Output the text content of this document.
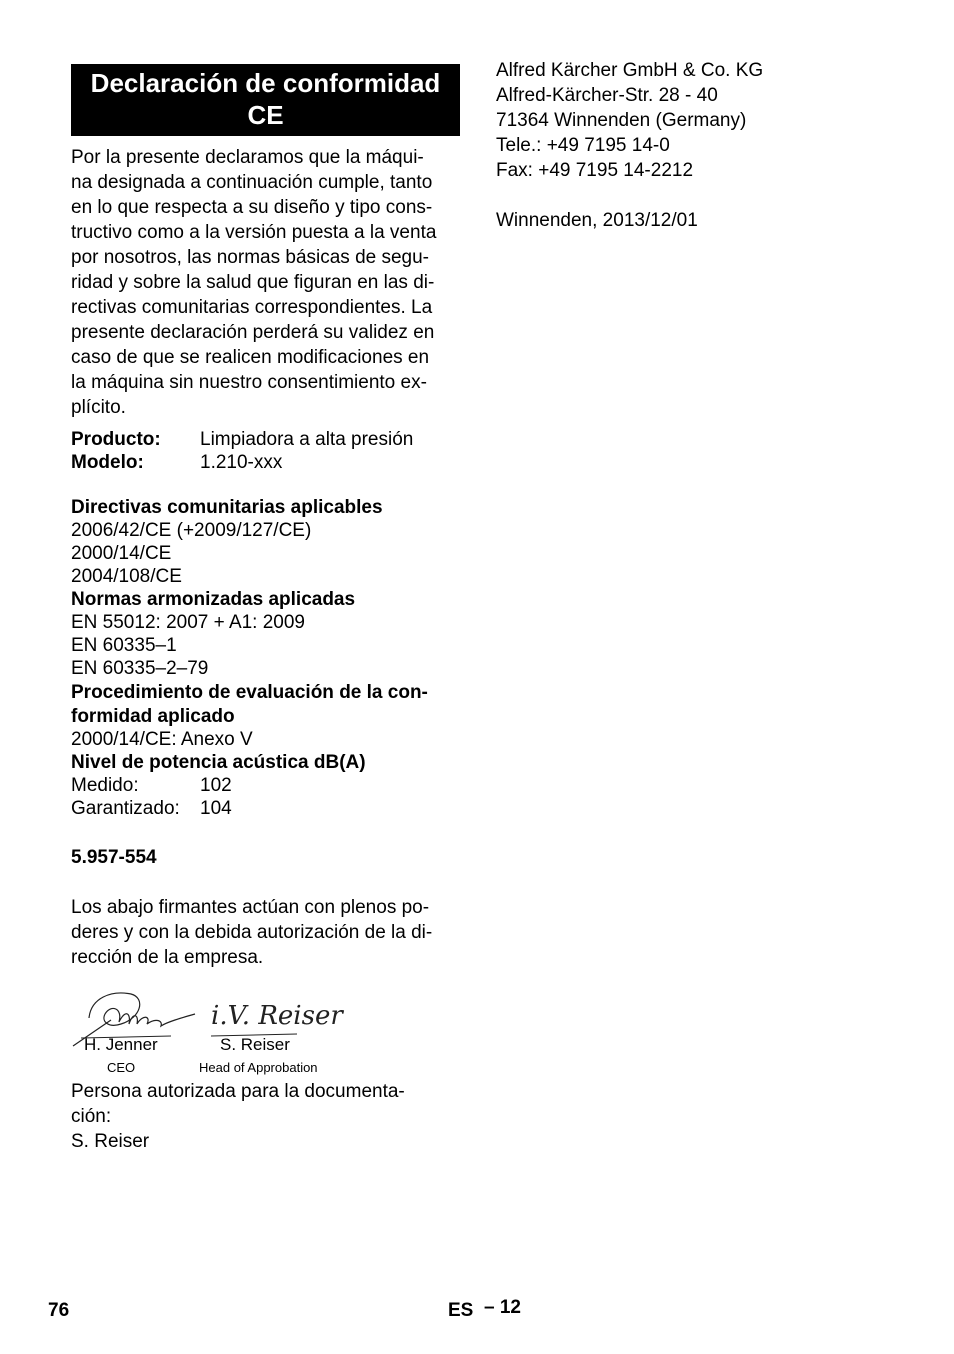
Declaración de conformidad
CE
Por la presente declaramos que la máqui-
na designada a continuación cumple, tanto
en lo que respecta a su diseño y tipo cons-
tructivo como a la versión puesta a la venta
por nosotros, las normas básicas de segu-
ridad y sobre la salud que figuran en las di-
rectivas comunitarias correspondientes. La
presente declaración perderá su validez en
caso de que se realicen modificaciones en
la máquina sin nuestro consentimiento ex-
plícito.
Producto:	Limpiadora a alta presión
Modelo:	1.210-xxx
Directivas comunitarias aplicables
2006/42/CE (+2009/127/CE)
2000/14/CE
2004/108/CE
Normas armonizadas aplicadas
EN 55012: 2007 + A1: 2009
EN 60335–1
EN 60335–2–79
Procedimiento de evaluación de la con-
formidad aplicado
2000/14/CE: Anexo V
Nivel de potencia acústica dB(A)
Medido:	102
Garantizado:	104
5.957-554
Los abajo firmantes actúan con plenos po-
deres y con la debida autorización de la di-
rección de la empresa.
i.V. Reiser
H. Jenner	S. Reiser
CEO	Head of Approbation
Persona autorizada para la documenta-
ción:
S. Reiser
Alfred Kärcher GmbH & Co. KG
Alfred-Kärcher-Str. 28 - 40
71364 Winnenden (Germany)
Tele.: +49 7195 14-0
Fax: +49 7195 14-2212
Winnenden, 2013/12/01
76	ES – 12
